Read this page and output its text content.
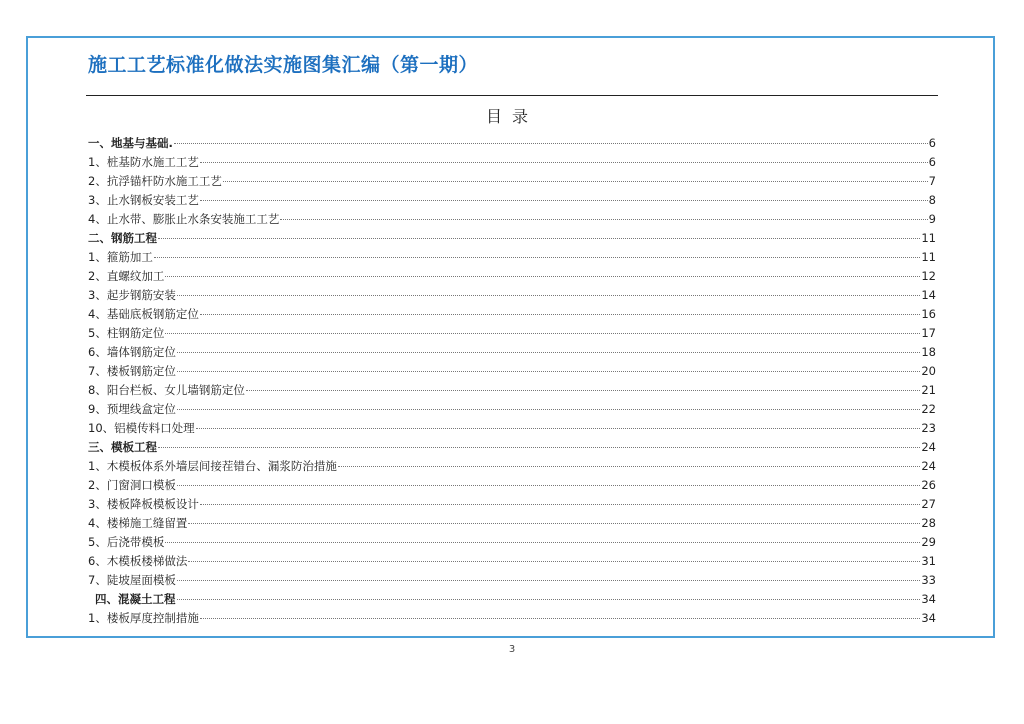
施工工艺标准化做法实施图集汇编（第一期）
目录
一、地基与基础.	6
1、桩基防水施工工艺	6
2、抗浮锚杆防水施工工艺	7
3、止水钢板安装工艺	8
4、止水带、膨胀止水条安装施工工艺	9
二、钢筋工程	11
1、箍筋加工	11
2、直螺纹加工	12
3、起步钢筋安装	14
4、基础底板钢筋定位	16
5、柱钢筋定位	17
6、墙体钢筋定位	18
7、楼板钢筋定位	20
8、阳台栏板、女儿墙钢筋定位	21
9、预埋线盒定位	22
10、铝模传料口处理	23
三、模板工程	24
1、木模板体系外墙层间接茬错台、漏浆防治措施	24
2、门窗洞口模板	26
3、楼板降板模板设计	27
4、楼梯施工缝留置	28
5、后浇带模板	29
6、木模板楼梯做法	31
7、陡坡屋面模板	33
四、混凝土工程	34
1、楼板厚度控制措施	34
3
